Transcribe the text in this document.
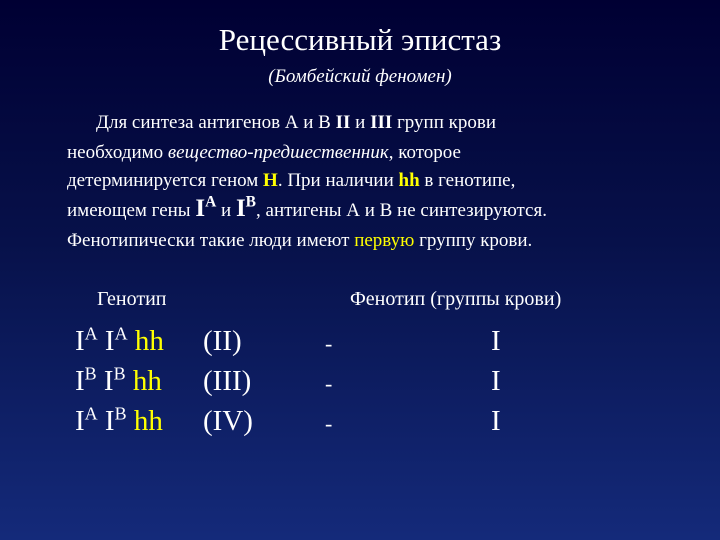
Рецессивный эпистаз
(Бомбейский феномен)
Для синтеза антигенов А и В II и III групп крови
необходимо вещество-предшественник, которое
детерминируется геном Н. При наличии hh в генотипе,
имеющем гены $I^A$ и $I^B$, антигены А и В не синтезируются.
Фенотипически такие люди имеют первую группу крови.
Генотип	Фенотип (группы крови)
$I^A$ $I^A$ hh (II)	-	I
$I^B$ $I^B$ hh (III)	-	I
$I^A$ $I^B$ hh (IV)	-	I
